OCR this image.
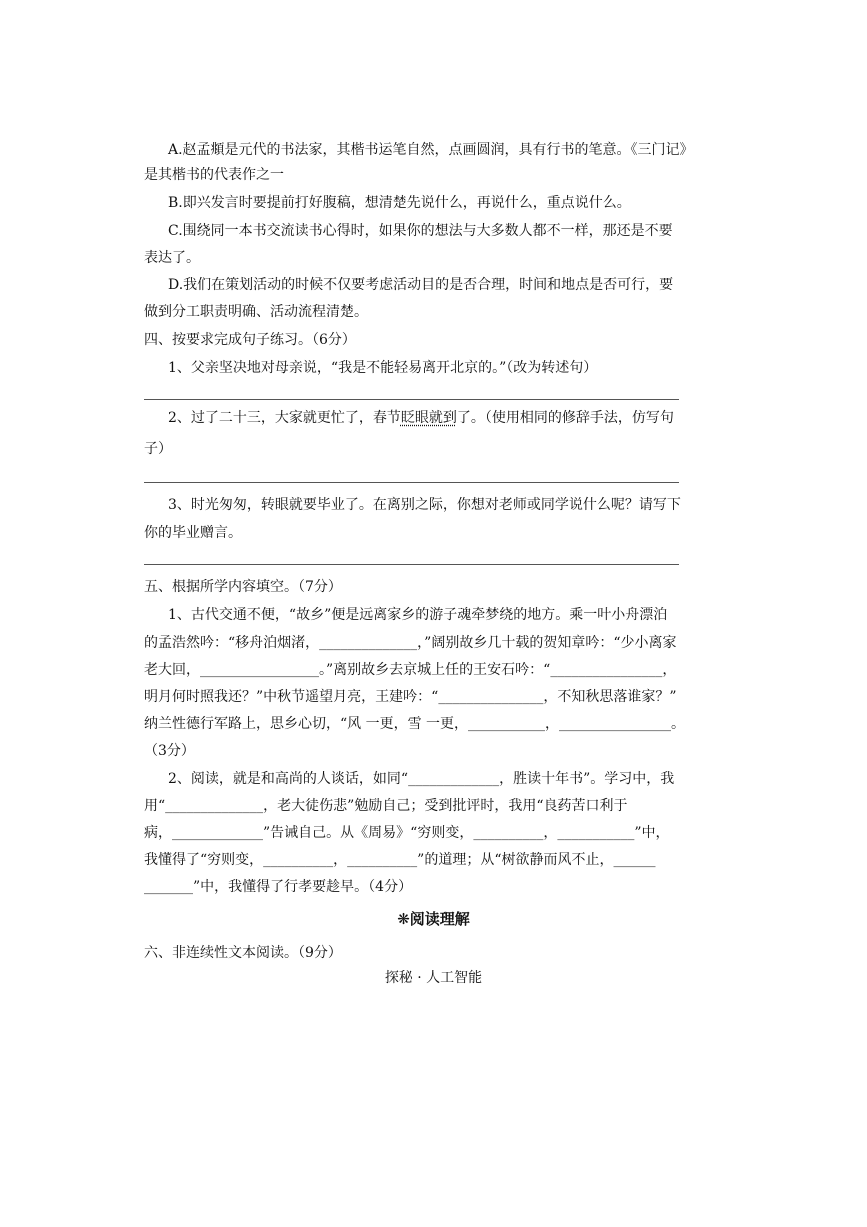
A.赵孟頫是元代的书法家，其楷书运笔自然，点画圆润，具有行书的笔意。《三门记》
是其楷书的代表作之一
B.即兴发言时要提前打好腹稿，想清楚先说什么，再说什么，重点说什么。
C.围绕同一本书交流读书心得时，如果你的想法与大多数人都不一样，那还是不要
表达了。
D.我们在策划活动的时候不仅要考虑活动目的是否合理，时间和地点是否可行，要
做到分工职责明确、活动流程清楚。
四、按要求完成句子练习。（6分）
1、父亲坚决地对母亲说，“我是不能轻易离开北京的。”（改为转述句）
2、过了二十三，大家就更忙了，春节眨眼就到了。（使用相同的修辞手法，仿写句
子）
3、时光匆匆，转眼就要毕业了。在离别之际，你想对老师或同学说什么呢？请写下
你的毕业赠言。
五、根据所学内容填空。（7分）
1、古代交通不便，“故乡”便是远离家乡的游子魂牵梦绕的地方。乘一叶小舟漂泊
的孟浩然吟：“移舟泊烟渚，______________，”阔别故乡几十载的贺知章吟：“少小离家
老大回，_________________。”离别故乡去京城上任的王安石吟：“________________，
明月何时照我还？”中秋节遥望月亮，王建吟：“_______________，不知秋思落谁家？”
纳兰性德行军路上，思乡心切，“风 一更，雪 一更，___________，________________。
（3分）
2、阅读，就是和高尚的人谈话，如同“_____________，胜读十年书”。学习中，我
用“______________，老大徒伤悲”勉励自己；受到批评时，我用“良药苦口利于
病，_____________”告诫自己。从《周易》“穷则变，__________，___________”中，
我懂得了“穷则变，__________，__________”的道理；从“树欲静而风不止，______
_______”中，我懂得了行孝要趁早。（4分）
❋阅读理解
六、非连续性文本阅读。（9分）
探秘 · 人工智能
